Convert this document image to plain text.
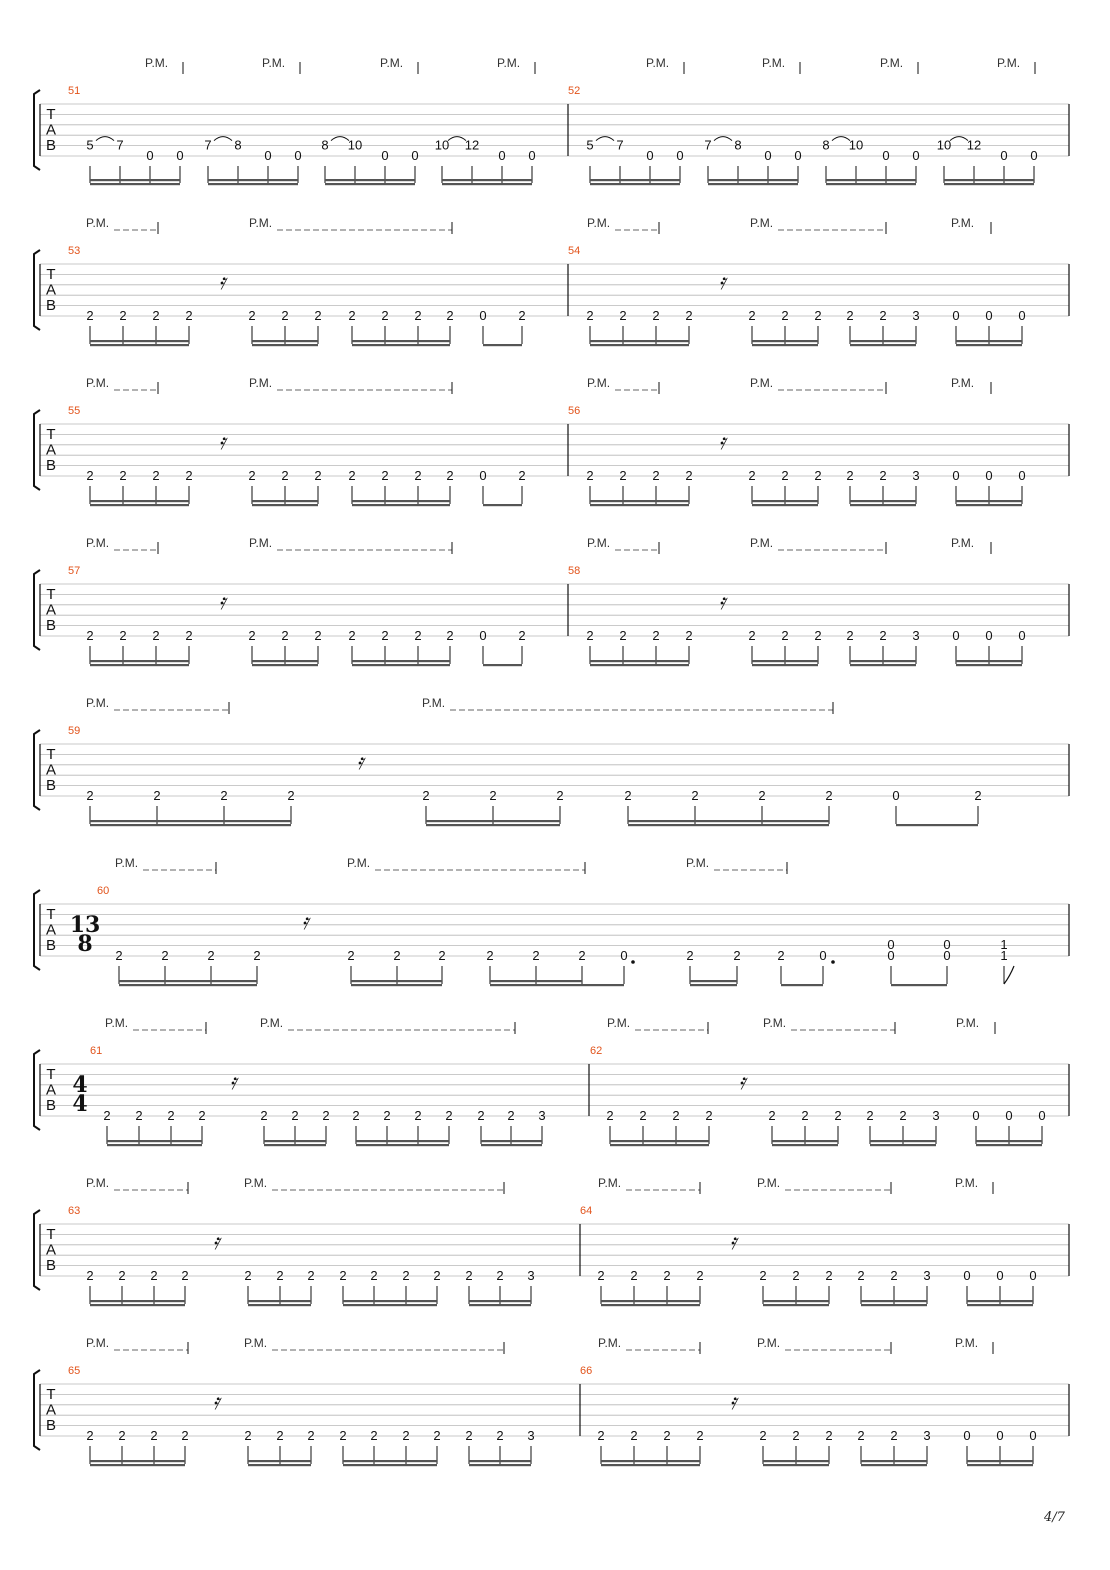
T
A
B
51	52
P.M.	P.M.	P.M.	P.M.	P.M.	P.M.	P.M.	P.M.
5 7
0 0
7 8
0 0
8 10
0 0
10 12
0 0
5 7
0 0
7 8
0 0
8 10
0 0
10 12
0 0
T
A
B
53	54
P.M.	P.M.	P.M.	P.M.	P.M.
2 2 2 2	2 2 2 2 2 2 2 0 2
𝄿
2 2 2 2	2 2 2 2 2 3	0 0 0
𝄿
T
A
B
55	56
P.M.	P.M.	P.M.	P.M.	P.M.
2 2 2 2	2 2 2 2 2 2 2 0 2
𝄿
2 2 2 2	2 2 2 2 2 3	0 0 0
𝄿
T
A
B
57	58
P.M.	P.M.	P.M.	P.M.	P.M.
2 2 2 2	2 2 2 2 2 2 2 0 2
𝄿
2 2 2 2	2 2 2 2 2 3	0 0 0
𝄿
T
A
B
59
P.M.	P.M.
2	2	2	2	2	2	2	2	2	2	2	0	2
𝄿
T
A
B
60
13
8
P.M.	P.M.	P.M.
2	2	2	2	2	2	2	2	2	2	0
𝄿
2	2	2	0
0
0
0
0
1
1
T
A
B
61	62
4
4
P.M.	P.M.	P.M.	P.M.	P.M.
2 2 2 2	2 2 2 2 2 2 2 2 2 3
𝄿
2 2 2 2	2 2 2 2 2 3	0 0 0
𝄿
T
A
B
63	64
P.M.	P.M.	P.M.	P.M.	P.M.
2 2 2 2	2 2 2 2 2 2 2 2 2 3
𝄿
2 2 2 2	2 2 2 2 2 3	0 0 0
𝄿
T
A
B
65	66
P.M.	P.M.	P.M.	P.M.	P.M.
2 2 2 2	2 2 2 2 2 2 2 2 2 3
𝄿
2 2 2 2	2 2 2 2 2 3	0 0 0
𝄿
4/7
